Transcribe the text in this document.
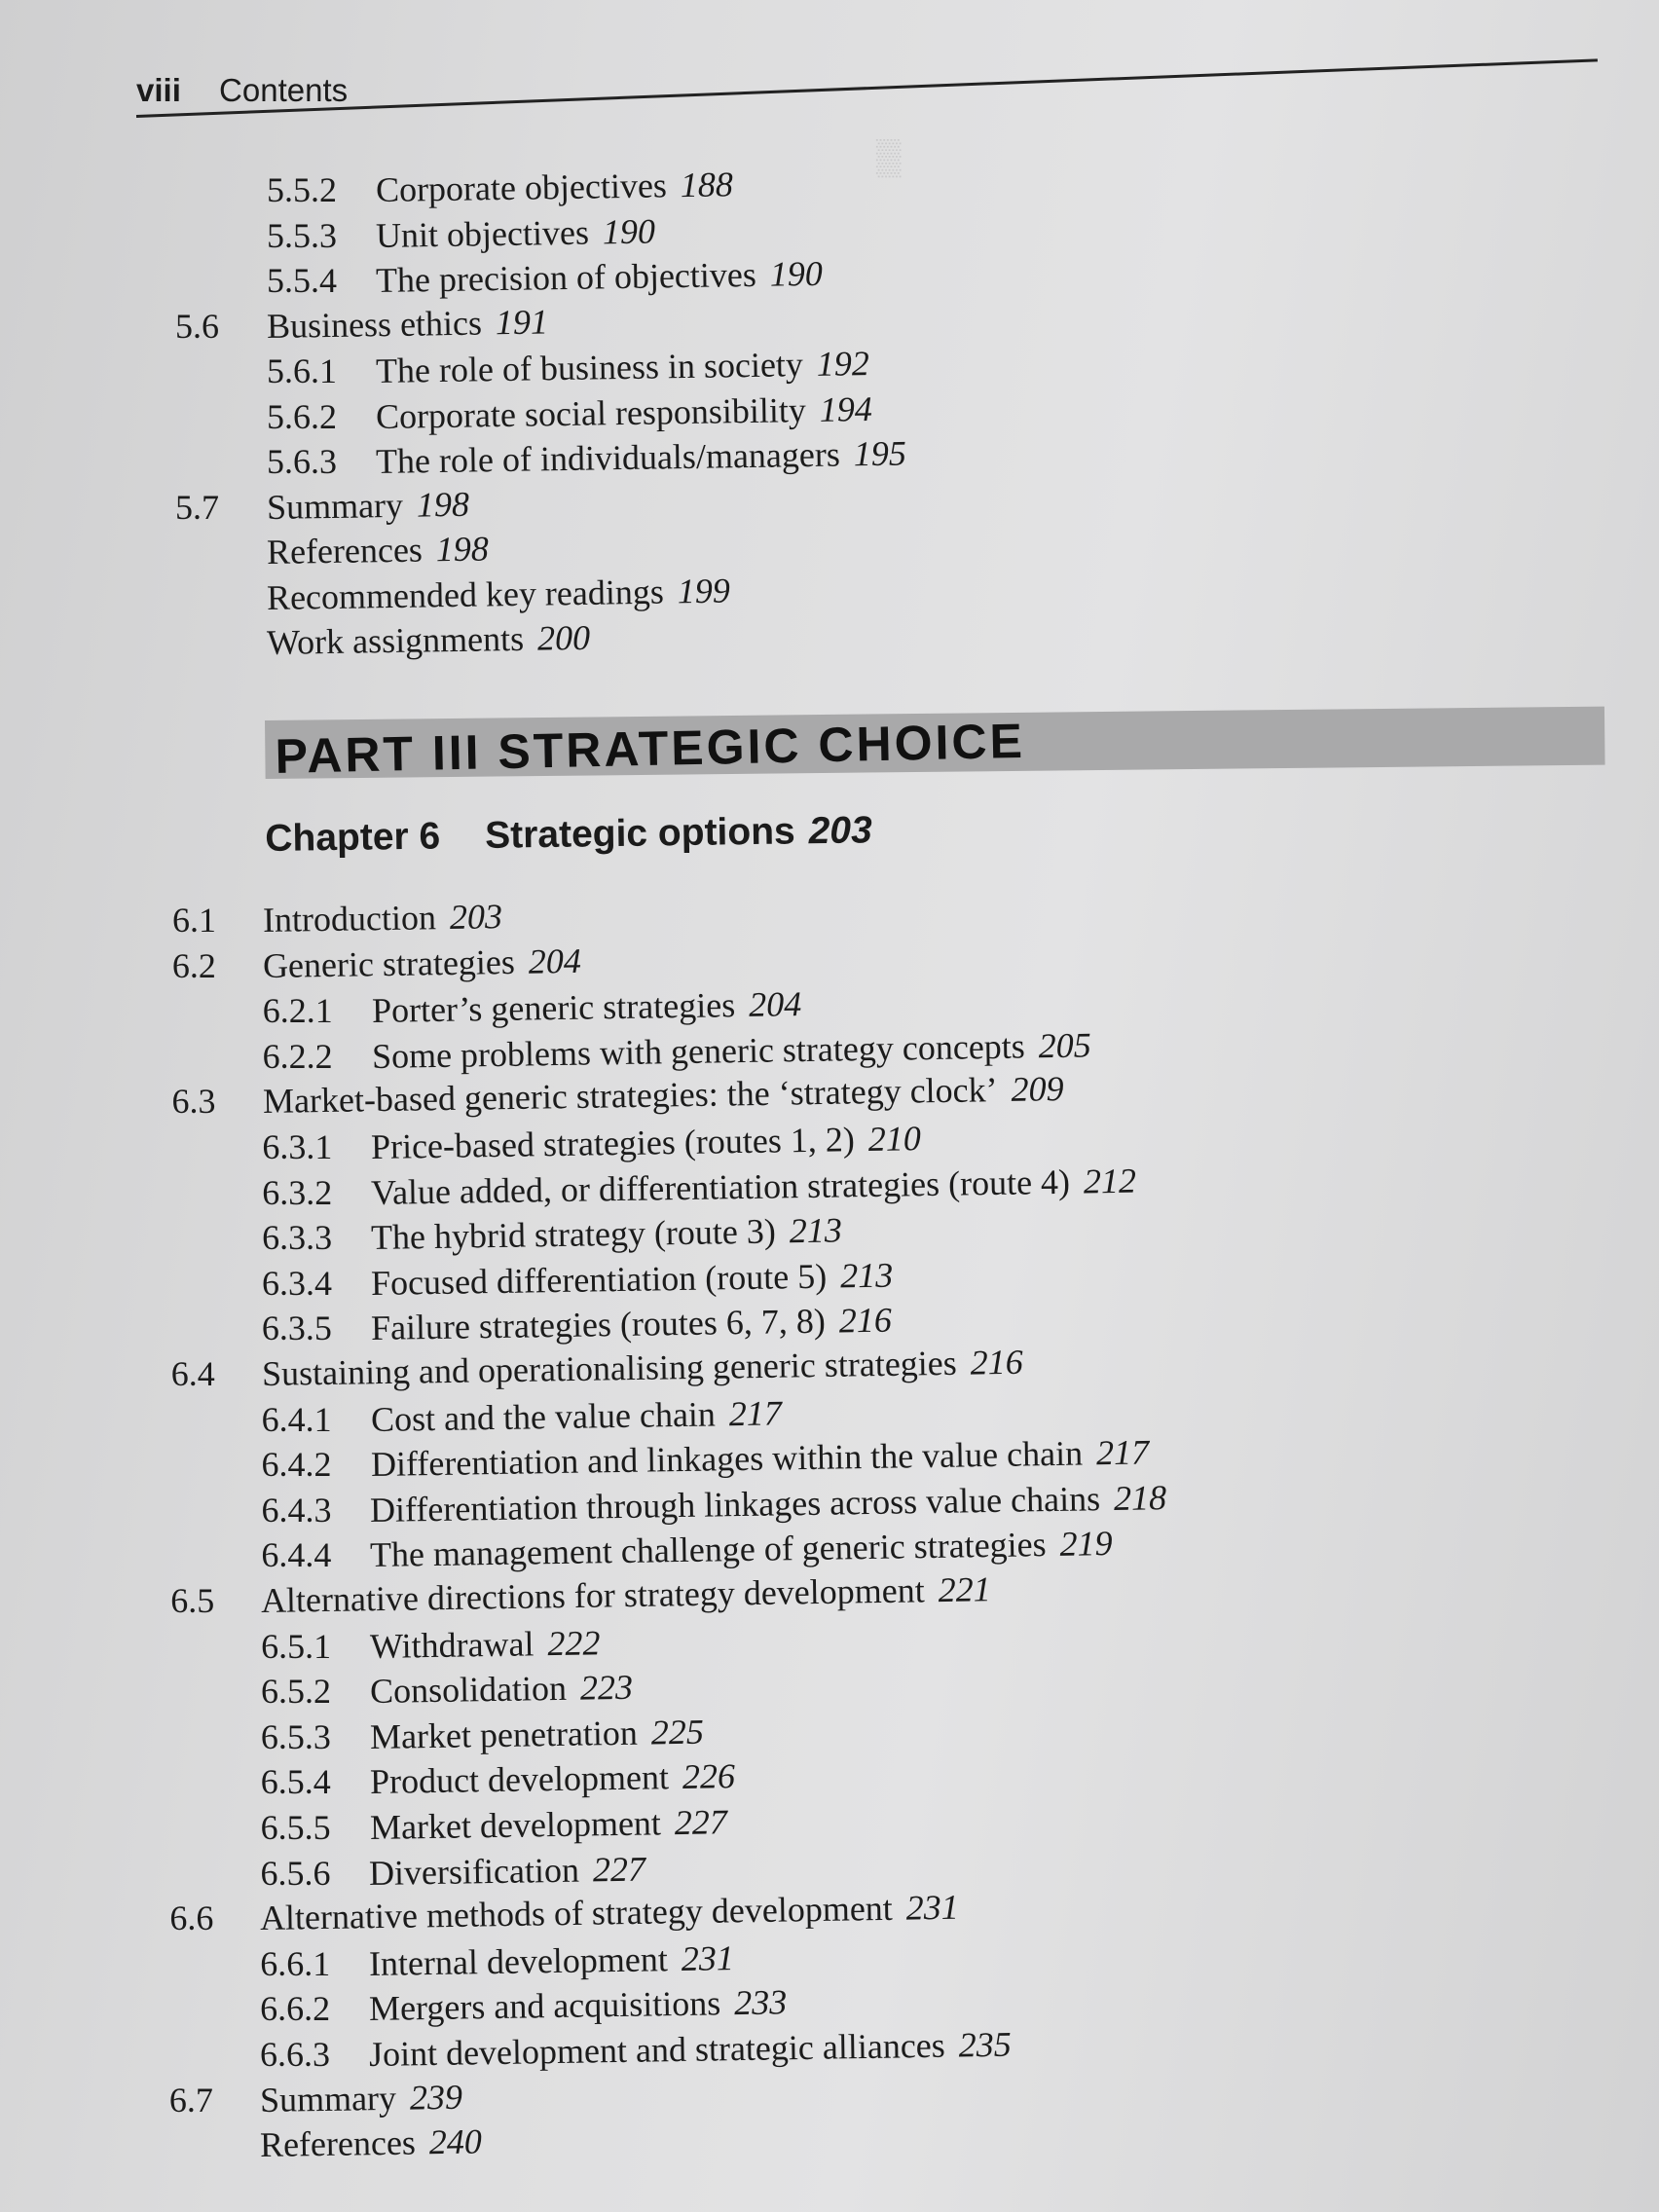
viii Contents
▒
5.5.2 Corporate objectives 188
5.5.3 Unit objectives 190
5.5.4 The precision of objectives 190
5.6 Business ethics 191
5.6.1 The role of business in society 192
5.6.2 Corporate social responsibility 194
5.6.3 The role of individuals/managers 195
5.7 Summary 198
References 198
Recommended key readings 199
Work assignments 200
PART III STRATEGIC CHOICE
Chapter 6 Strategic options 203
6.1 Introduction 203
6.2 Generic strategies 204
6.2.1 Porter’s generic strategies 204
6.2.2 Some problems with generic strategy concepts 205
6.3 Market-based generic strategies: the ‘strategy clock’ 209
6.3.1 Price-based strategies (routes 1, 2) 210
6.3.2 Value added, or differentiation strategies (route 4) 212
6.3.3 The hybrid strategy (route 3) 213
6.3.4 Focused differentiation (route 5) 213
6.3.5 Failure strategies (routes 6, 7, 8) 216
6.4 Sustaining and operationalising generic strategies 216
6.4.1 Cost and the value chain 217
6.4.2 Differentiation and linkages within the value chain 217
6.4.3 Differentiation through linkages across value chains 218
6.4.4 The management challenge of generic strategies 219
6.5 Alternative directions for strategy development 221
6.5.1 Withdrawal 222
6.5.2 Consolidation 223
6.5.3 Market penetration 225
6.5.4 Product development 226
6.5.5 Market development 227
6.5.6 Diversification 227
6.6 Alternative methods of strategy development 231
6.6.1 Internal development 231
6.6.2 Mergers and acquisitions 233
6.6.3 Joint development and strategic alliances 235
6.7 Summary 239
References 240
